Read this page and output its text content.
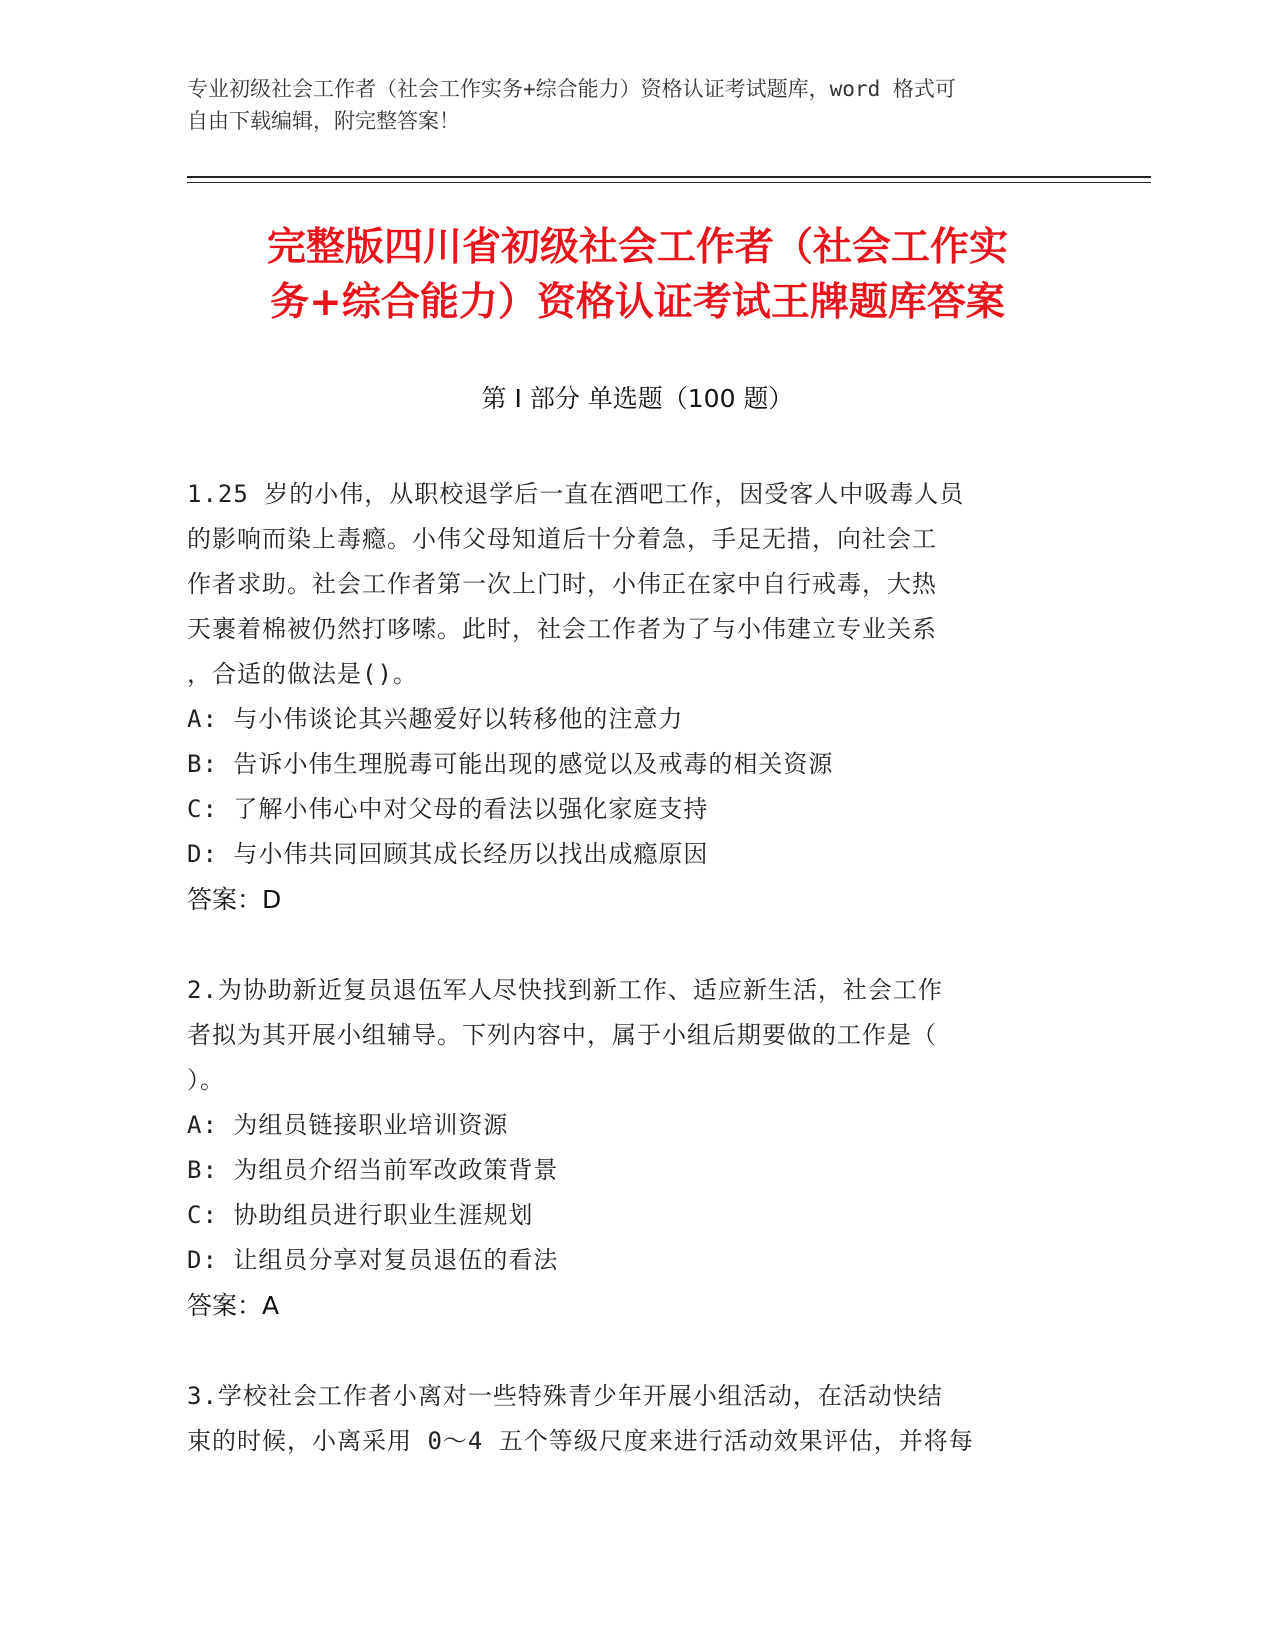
专业初级社会工作者（社会工作实务+综合能力）资格认证考试题库，word 格式可
自由下载编辑，附完整答案！
完整版四川省初级社会工作者（社会工作实
务+综合能力）资格认证考试王牌题库答案
第 I 部分 单选题（100 题）
1.25 岁的小伟，从职校退学后一直在酒吧工作，因受客人中吸毒人员
的影响而染上毒瘾。小伟父母知道后十分着急，手足无措，向社会工
作者求助。社会工作者第一次上门时，小伟正在家中自行戒毒，大热
天裹着棉被仍然打哆嗦。此时，社会工作者为了与小伟建立专业关系
，合适的做法是()。
A: 与小伟谈论其兴趣爱好以转移他的注意力
B: 告诉小伟生理脱毒可能出现的感觉以及戒毒的相关资源
C: 了解小伟心中对父母的看法以强化家庭支持
D: 与小伟共同回顾其成长经历以找出成瘾原因
答案：D
2.为协助新近复员退伍军人尽快找到新工作、适应新生活，社会工作
者拟为其开展小组辅导。下列内容中，属于小组后期要做的工作是（
）。
A: 为组员链接职业培训资源
B: 为组员介绍当前军改政策背景
C: 协助组员进行职业生涯规划
D: 让组员分享对复员退伍的看法
答案：A
3.学校社会工作者小离对一些特殊青少年开展小组活动，在活动快结
束的时候，小离采用 0～4 五个等级尺度来进行活动效果评估，并将每
